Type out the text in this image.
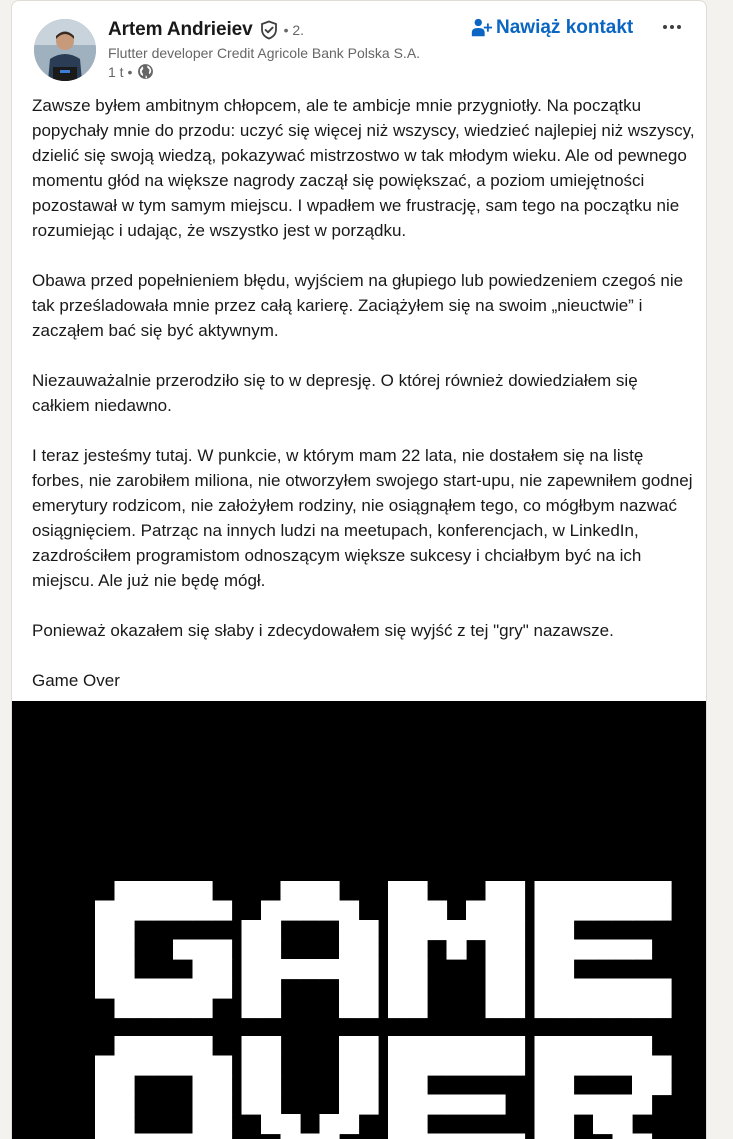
Artem Andrieiev • 2.
Flutter developer Credit Agricole Bank Polska S.A.
1 t •
Nawiąż kontakt

Zawsze byłem ambitnym chłopcem, ale te ambicje mnie przygniotły. Na początku popychały mnie do przodu: uczyć się więcej niż wszyscy, wiedzieć najlepiej niż wszyscy, dzielić się swoją wiedzą, pokazywać mistrzostwo w tak młodym wieku. Ale od pewnego momentu głód na większe nagrody zaczął się powiększać, a poziom umiejętności pozostawał w tym samym miejscu. I wpadłem we frustrację, sam tego na początku nie rozumiejąc i udając, że wszystko jest w porządku.

Obawa przed popełnieniem błędu, wyjściem na głupiego lub powiedzeniem czegoś nie tak prześladowała mnie przez całą karierę. Zaciążyłem się na swoim „nieuctwie” i zacząłem bać się być aktywnym.

Niezauważalnie przerodziło się to w depresję. O której również dowiedziałem się całkiem niedawno.

I teraz jesteśmy tutaj. W punkcie, w którym mam 22 lata, nie dostałem się na listę forbes, nie zarobiłem miliona, nie otworzyłem swojego start-upu, nie zapewniłem godnej emerytury rodzicom, nie założyłem rodziny, nie osiągnąłem tego, co mógłbym nazwać osiągnięciem. Patrząc na innych ludzi na meetupach, konferencjach, w LinkedIn, zazdrościłem programistom odnoszącym większe sukcesy i chciałbym być na ich miejscu. Ale już nie będę mógł.

Ponieważ okazałem się słaby i zdecydowałem się wyjść z tej "gry" nazawsze.

Game Over
